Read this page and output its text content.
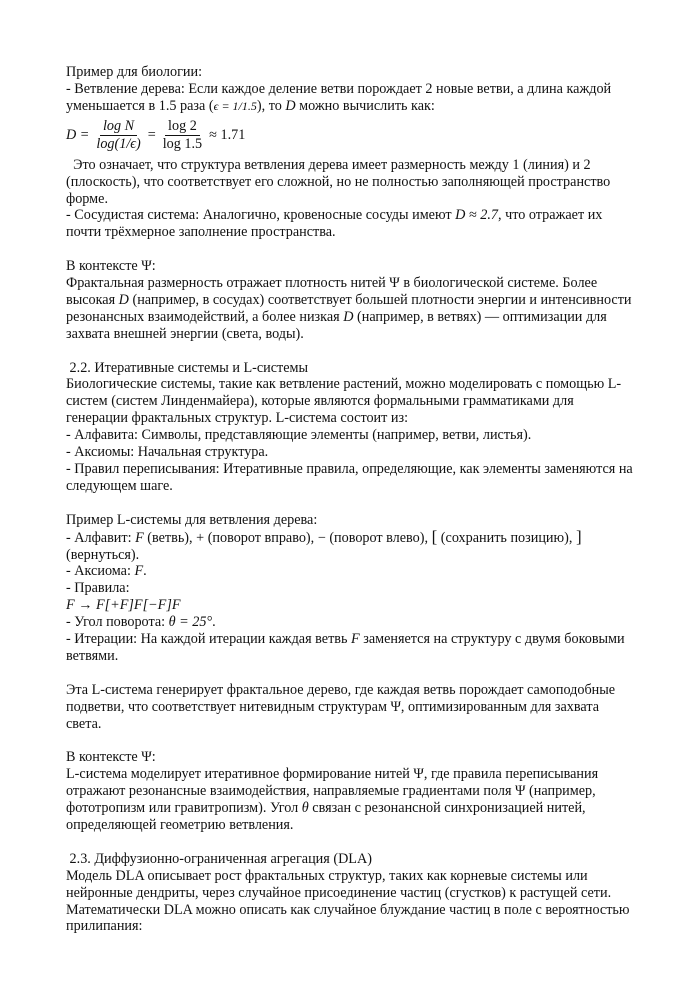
Пример для биологии:
- Ветвление дерева: Если каждое деление ветви порождает 2 новые ветви, а длина каждой
уменьшается в 1.5 раза (ϵ = 1/1.5), то D можно вычислить как:
$D = \frac{\text{log N}}{\log(1/\epsilon)} = \frac{\log 2}{\log 1.5} \approx 1.71$
Это означает, что структура ветвления дерева имеет размерность между 1 (линия) и 2
(плоскость), что соответствует его сложной, но не полностью заполняющей пространство
форме.
- Сосудистая система: Аналогично, кровеносные сосуды имеют D ≈ 2.7, что отражает их
почти трёхмерное заполнение пространства.
В контексте Ψ:
Фрактальная размерность отражает плотность нитей Ψ в биологической системе. Более
высокая D (например, в сосудах) соответствует большей плотности энергии и интенсивности
резонансных взаимодействий, а более низкая D (например, в ветвях) — оптимизации для
захвата внешней энергии (света, воды).
2.2. Итеративные системы и L-системы
Биологические системы, такие как ветвление растений, можно моделировать с помощью L-
систем (систем Линденмайера), которые являются формальными грамматиками для
генерации фрактальных структур. L-система состоит из:
- Алфавита: Символы, представляющие элементы (например, ветви, листья).
- Аксиомы: Начальная структура.
- Правил переписывания: Итеративные правила, определяющие, как элементы заменяются на
следующем шаге.
Пример L-системы для ветвления дерева:
- Алфавит: F (ветвь), + (поворот вправо), − (поворот влево), [ (сохранить позицию), ]
(вернуться).
- Аксиома: F.
- Правила:
F → F[+F]F[−F]F
- Угол поворота: θ = 25°.
- Итерации: На каждой итерации каждая ветвь F заменяется на структуру с двумя боковыми
ветвями.
Эта L-система генерирует фрактальное дерево, где каждая ветвь порождает самоподобные
подветви, что соответствует нитевидным структурам Ψ, оптимизированным для захвата
света.
В контексте Ψ:
L-система моделирует итеративное формирование нитей Ψ, где правила переписывания
отражают резонансные взаимодействия, направляемые градиентами поля Ψ (например,
фототропизм или гравитропизм). Угол θ связан с резонансной синхронизацией нитей,
определяющей геометрию ветвления.
2.3. Диффузионно-ограниченная агрегация (DLA)
Модель DLA описывает рост фрактальных структур, таких как корневые системы или
нейронные дендриты, через случайное присоединение частиц (сгустков) к растущей сети.
Математически DLA можно описать как случайное блуждание частиц в поле с вероятностью
прилипания:
